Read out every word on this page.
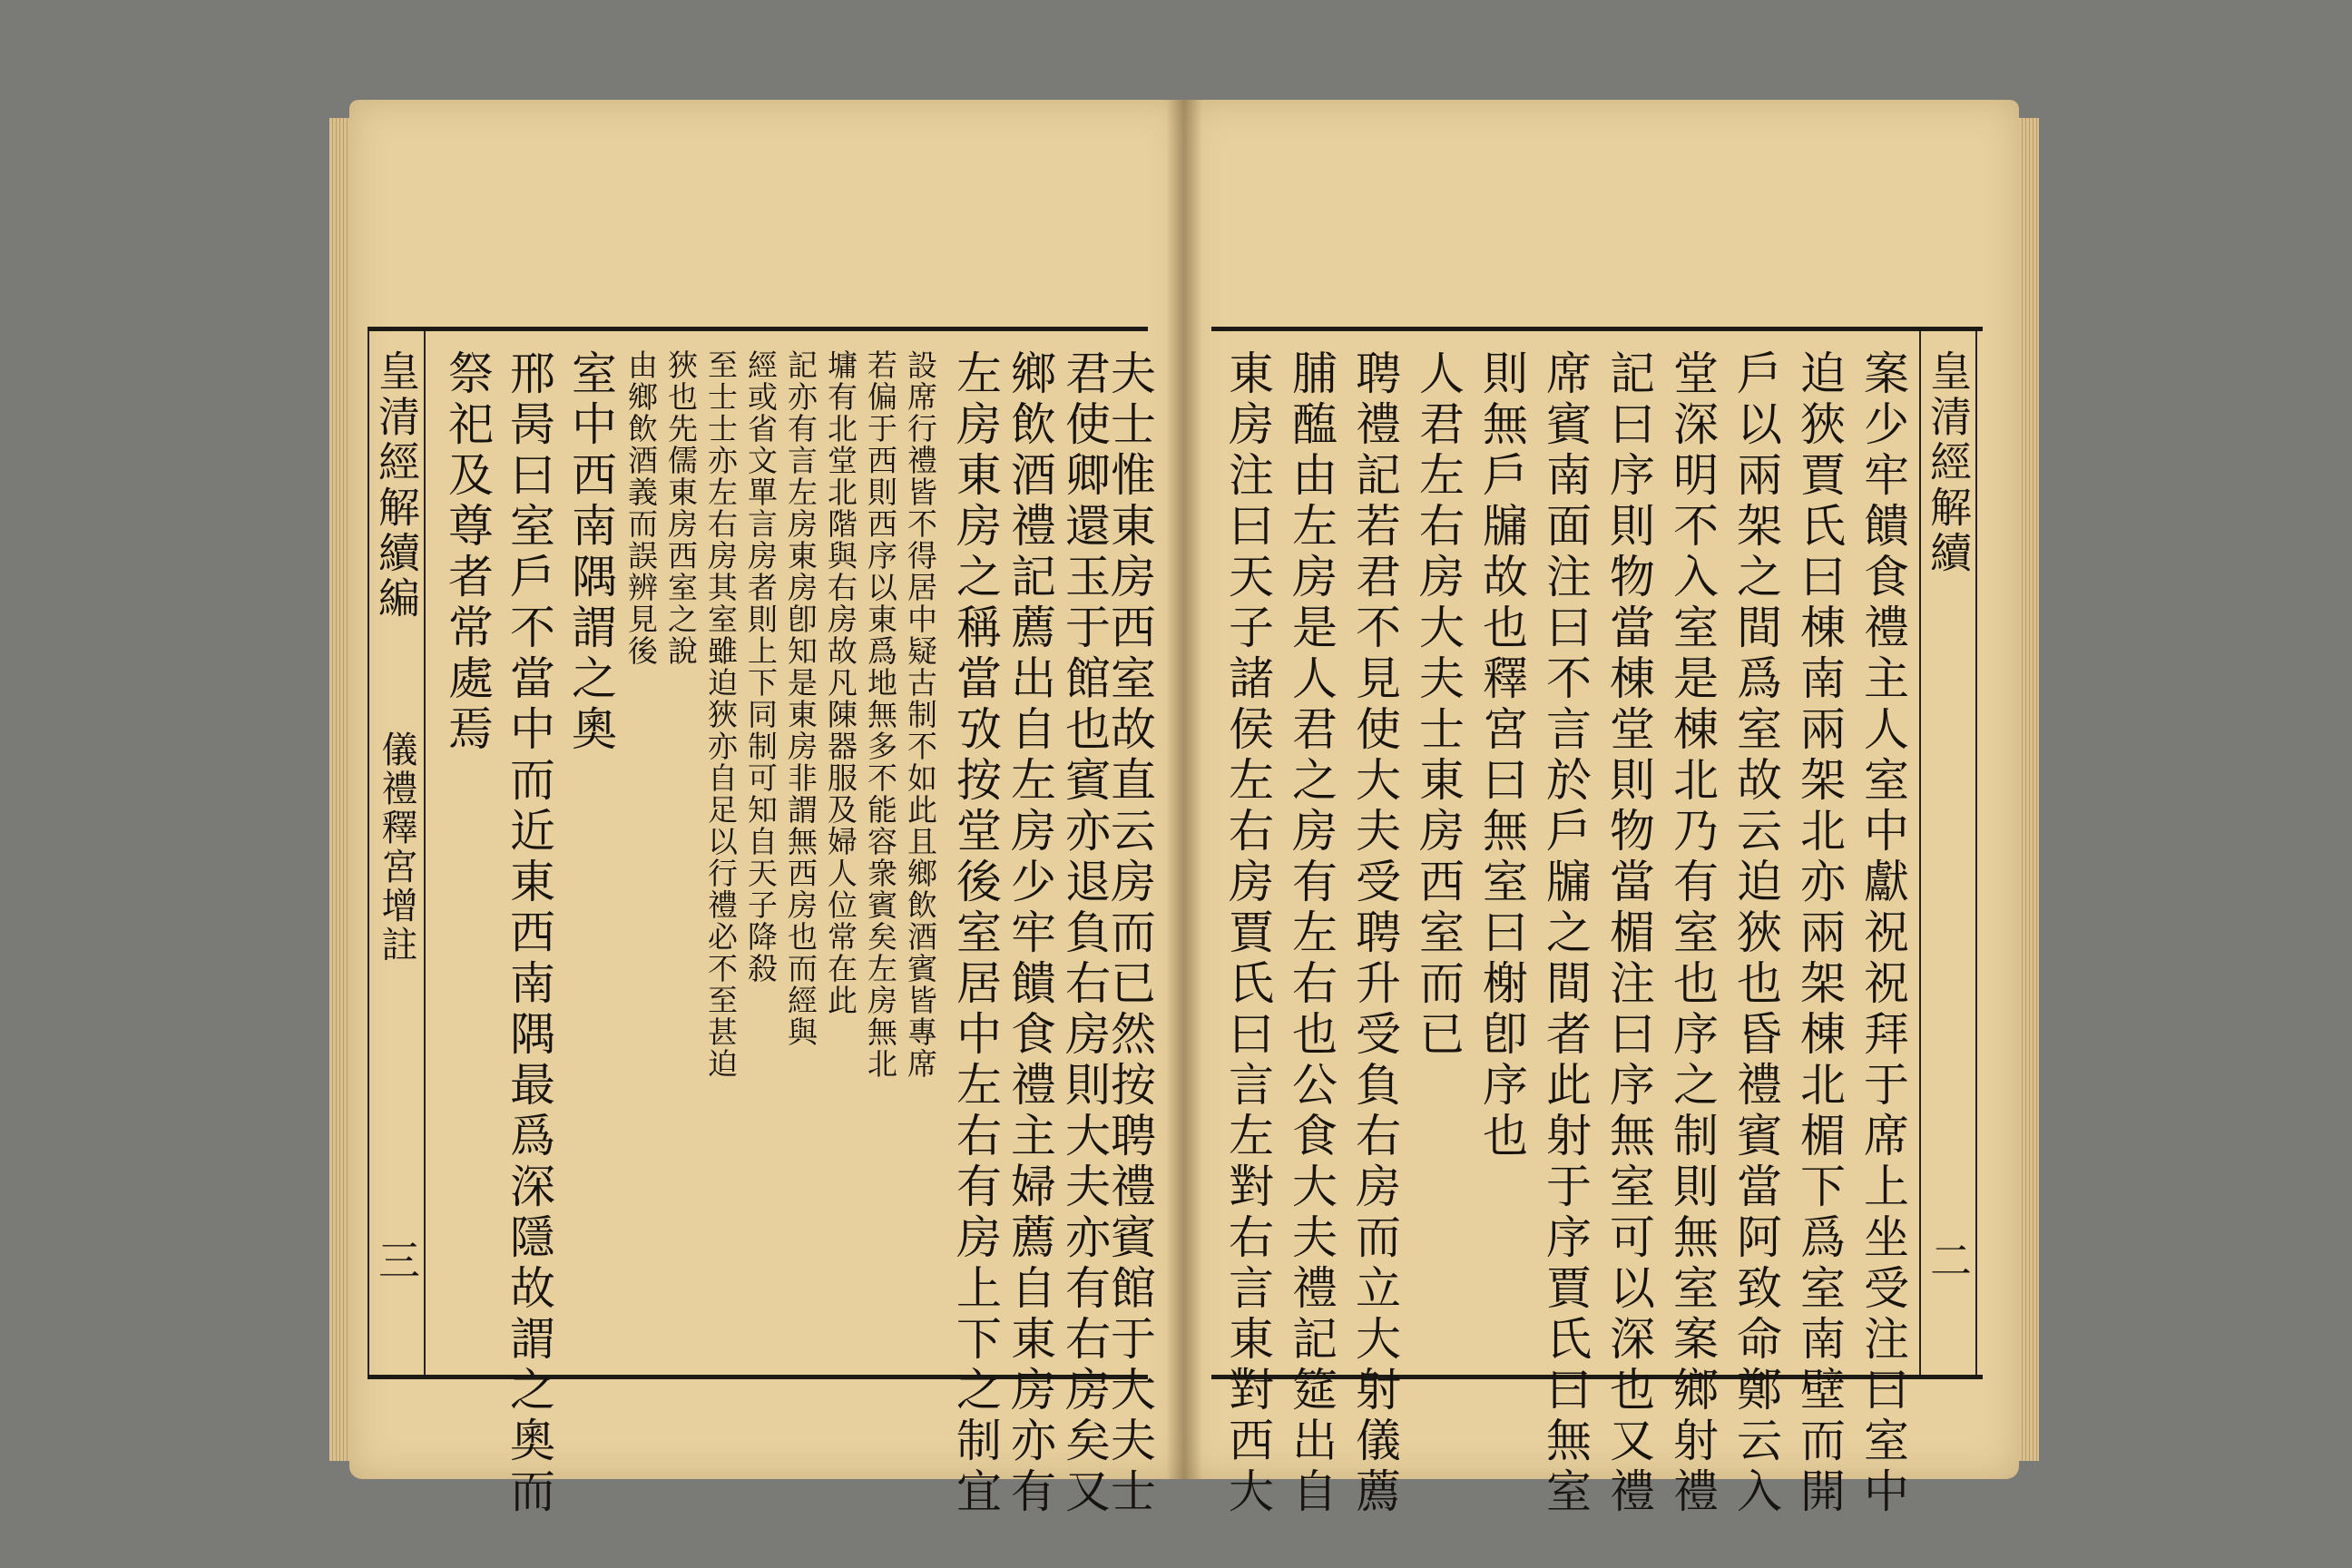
皇清經解續編
儀禮釋宮增註
三
祭祀及尊者常處焉 邢昺曰室戶不當中而近東西南隅最爲深隱故謂之奧而 室中西南隅謂之奧 由鄉飲酒義而誤辨見後 狹也先儒東房西室之說 至士士亦左右房其室雖迫狹亦自足以行禮必不至甚迫 經或省文單言房者則上下同制可知自天子降殺 記亦有言左房東房卽知是東房非謂無西房也而經與 墉有北堂北階與右房故凡陳器服及婦人位常在此 若偏于西則西序以東爲地無多不能容衆賓矣左房無北 設席行禮皆不得居中疑古制不如此且鄉飲酒賓皆專席 左房東房之稱當攷按堂後室居中左右有房上下之制宜 鄉飲酒禮記薦出自左房少牢饋食禮主婦薦自東房亦有 君使卿還玉于館也賓亦退負右房則大夫亦有右房矣又
夫士惟東房西室故直云房而已然按聘禮賓館于大夫士 東房注曰天子諸侯左右房賈氏曰言左對右言東對西大 脯醢由左房是人君之房有左右也公食大夫禮記筵出自 聘禮記若君不見使大夫受聘升受負右房而立大射儀薦 人君左右房大夫士東房西室而已 則無戶牖故也釋宮曰無室曰榭卽序也 席賓南面注曰不言於戶牖之間者此射于序賈氏曰無室 記曰序則物當棟堂則物當楣注曰序無室可以深也又禮 堂深明不入室是棟北乃有室也序之制則無室案鄉射禮 戶以兩架之間爲室故云迫狹也昏禮賓當阿致命鄭云入 迫狹賈氏曰棟南兩架北亦兩架棟北楣下爲室南壁而開 案少牢饋食禮主人室中獻祝祝拜于席上坐受注曰室中 皇清經解續
二
